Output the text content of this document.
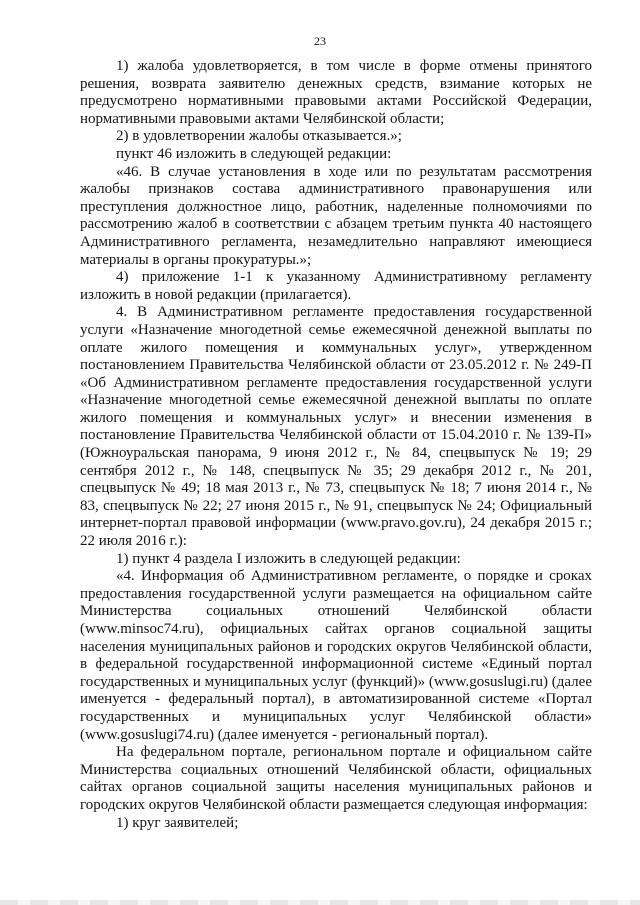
23

1) жалоба удовлетворяется, в том числе в форме отмены принятого решения, возврата заявителю денежных средств, взимание которых не предусмотрено нормативными правовыми актами Российской Федерации, нормативными правовыми актами Челябинской области;

2) в удовлетворении жалобы отказывается.»;

пункт 46 изложить в следующей редакции:

«46. В случае установления в ходе или по результатам рассмотрения жалобы признаков состава административного правонарушения или преступления должностное лицо, работник, наделенные полномочиями по рассмотрению жалоб в соответствии с абзацем третьим пункта 40 настоящего Административного регламента, незамедлительно направляют имеющиеся материалы в органы прокуратуры.»;

4) приложение 1-1 к указанному Административному регламенту изложить в новой редакции (прилагается).

4. В Административном регламенте предоставления государственной услуги «Назначение многодетной семье ежемесячной денежной выплаты по оплате жилого помещения и коммунальных услуг», утвержденном постановлением Правительства Челябинской области от 23.05.2012 г. № 249-П «Об Административном регламенте предоставления государственной услуги «Назначение многодетной семье ежемесячной денежной выплаты по оплате жилого помещения и коммунальных услуг» и внесении изменения в постановление Правительства Челябинской области от 15.04.2010 г. № 139-П» (Южноуральская панорама, 9 июня 2012 г., № 84, спецвыпуск № 19; 29 сентября 2012 г., № 148, спецвыпуск № 35; 29 декабря 2012 г., № 201, спецвыпуск № 49; 18 мая 2013 г., № 73, спецвыпуск № 18; 7 июня 2014 г., № 83, спецвыпуск № 22; 27 июня 2015 г., № 91, спецвыпуск № 24; Официальный интернет-портал правовой информации (www.pravo.gov.ru), 24 декабря 2015 г.; 22 июля 2016 г.):

1) пункт 4 раздела I изложить в следующей редакции:

«4. Информация об Административном регламенте, о порядке и сроках предоставления государственной услуги размещается на официальном сайте Министерства социальных отношений Челябинской области (www.minsoc74.ru), официальных сайтах органов социальной защиты населения муниципальных районов и городских округов Челябинской области, в федеральной государственной информационной системе «Единый портал государственных и муниципальных услуг (функций)» (www.gosuslugi.ru) (далее именуется - федеральный портал), в автоматизированной системе «Портал государственных и муниципальных услуг Челябинской области» (www.gosuslugi74.ru) (далее именуется - региональный портал).

На федеральном портале, региональном портале и официальном сайте Министерства социальных отношений Челябинской области, официальных сайтах органов социальной защиты населения муниципальных районов и городских округов Челябинской области размещается следующая информация:

1) круг заявителей;
